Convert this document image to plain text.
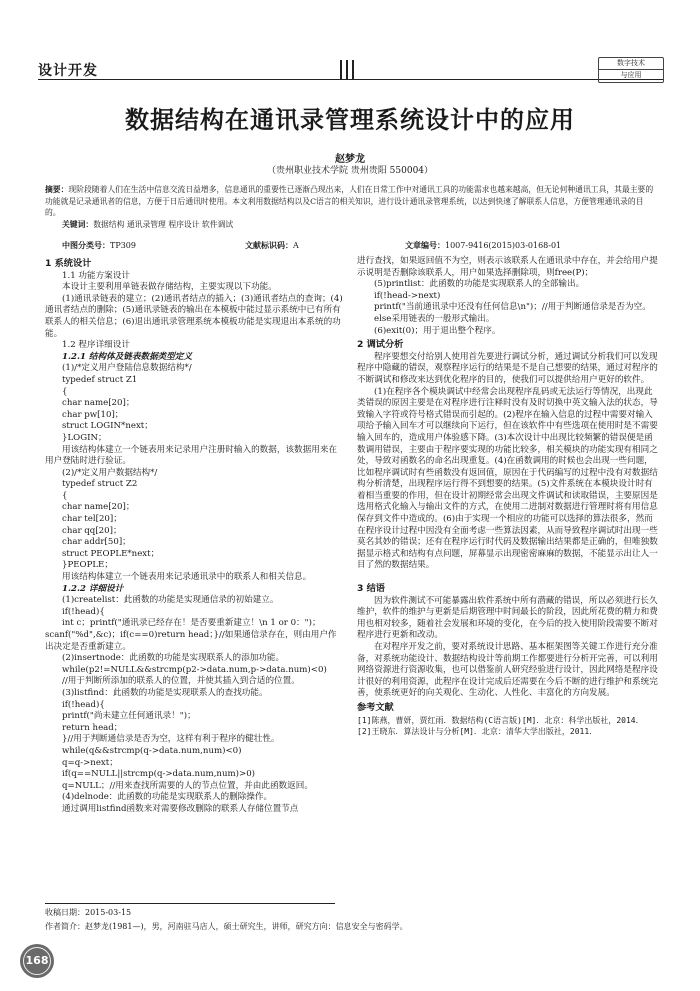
设计开发	数字技术
与应用
数据结构在通讯录管理系统设计中的应用
赵梦龙
（贵州职业技术学院 贵州贵阳 550004）
摘要：现阶段随着人们在生活中信息交流日益增多，信息通讯的重要性已逐渐凸现出来，人们在日常工作中对通讯工具的功能需求也越来越高，但无论何种通讯工具，其最主要的功能就是记录通讯者的信息，方便于日后通讯时使用。本文利用数据结构以及C语言的相关知识，进行设计通讯录管理系统，以达到快速了解联系人信息，方便管理通讯录的目的。
关键词：数据结构 通讯录管理 程序设计 软件调试
中图分类号：TP309	文献标识码：A	文章编号：1007-9416(2015)03-0168-01

1 系统设计

1.1 功能方案设计

本设计主要利用单链表做存储结构，主要实现以下功能。

(1)通讯录链表的建立；(2)通讯者结点的插入；(3)通讯者结点的查询；(4)通讯者结点的删除；(5)通讯录链表的输出在本模板中能过显示系统中已有所有联系人的相关信息；(6)退出通讯录管理系统本模板功能是实现退出本系统的功能。

1.2 程序详细设计

1.2.1 结构体及链表数据类型定义

(1)/*定义用户登陆信息数据结构*/

typedef struct Z1

{

char name[20]；

char pw[10]；

struct LOGIN*next；

}LOGIN；

用该结构体建立一个链表用来记录用户注册时输入的数据，该数据用来在用户登陆时进行验证。

(2)/*定义用户数据结构*/

typedef struct Z2

{

char name[20]；

char tel[20]；

char qq[20]；

char addr[50]；

struct PEOPLE*next；

}PEOPLE；

用该结构体建立一个链表用来记录通讯录中的联系人和相关信息。

1.2.2 详细设计

(1)createlist：此函数的功能是实现通信录的初始建立。

if(!head){

int c；printf("通讯录已经存在！是否要重新建立！\n 1 or 0：")；scanf("%d",&c)；if(c==0)return head；}//如果通信录存在，则由用户作出决定是否重新建立。

(2)insertnode：此函数的功能是实现联系人的添加功能。

while(p2!=NULL&&strcmp(p2->data.num,p->data.num)<0)

//用于判断所添加的联系人的位置，并使其插入到合适的位置。

(3)listfind：此函数的功能是实现联系人的查找功能。

if(!head){

printf("尚未建立任何通讯录！")；

return head；

}//用于判断通信录是否为空，这样有利于程序的健壮性。

while(q&&strcmp(q->data.num,num)<0)

q=q->next；

if(q==NULL||strcmp(q->data.num,num)>0)

q=NULL；//用来查找所需要的人的节点位置，并由此函数返回。

(4)delnode：此函数的功能是实现联系人的删除操作。

通过调用listfind函数来对需要修改删除的联系人存储位置节点

进行查找，如果返回值不为空，则表示该联系人在通讯录中存在，并会给用户提示说明是否删除该联系人，用户如果选择删除项，则free(P)；

(5)printlist：此函数的功能是实现联系人的全部输出。

if(!head->next)

printf("当前通讯录中还没有任何信息\n")；//用于判断通信录是否为空。

else采用链表的一般形式输出。

(6)exit(0)；用于退出整个程序。

2 调试分析

程序要想交付给别人使用首先要进行调试分析，通过调试分析我们可以发现程序中隐藏的错误，观察程序运行的结果是不是自己想要的结果，通过对程序的不断调试和修改来达到优化程序的目的，使我们可以提供给用户更好的软件。

(1)在程序各个模块调试中经常会出现程序乱码或无法运行等情况，出现此类错误的原因主要是在对程序进行注释时没有及时切换中英文输入法的状态，导致输入字符或符号格式错误而引起的。(2)程序在输入信息的过程中需要对输入项给予输入回车才可以继续向下运行，但在该软件中有些选项在使用时是不需要输入回车的，造成用户体验感下降。(3)本次设计中出现比较频繁的错误便是函数调用错误，主要由于程序要实现的功能比较多，相关模块的功能实现有相同之处，导致对函数名的命名出现重复。(4)在函数调用的时候也会出现一些问题，比如程序调试时有些函数没有返回值，原因在于代码编写的过程中没有对数据结构分析清楚，出现程序运行得不到想要的结果。(5)文件系统在本模块设计时有着相当重要的作用，但在设计初期经常会出现文件调试和读取错误，主要原因是选用格式化输入与输出文件的方式，在使用二进制对数据进行管理时将有用信息保存到文件中造成的。(6)由于实现一个相应的功能可以选择的算法很多，然而在程序设计过程中因没有全面考虑一些算法因素，从而导致程序调试时出现一些莫名其妙的错误；还有在程序运行时代码及数据输出结果都是正确的，但唯独数据显示格式和结构有点问题，屏幕显示出现密密麻麻的数据，不能显示出让人一目了然的数据结果。

3 结语

因为软件测试不可能暴露出软件系统中所有潜藏的错误，所以必须进行长久维护，软件的维护与更新是后期管理中时间最长的阶段，因此所花费的精力和费用也相对较多，随着社会发展和环境的变化，在今后的投入使用阶段需要不断对程序进行更新和改动。

在对程序开发之前，要对系统设计思路、基本框架图等关键工作进行充分准备，对系统功能设计、数据结构设计等前期工作都要进行分析开完善，可以利用网络资源进行资源收集，也可以借鉴前人研究经验进行设计，因此网络是程序设计很好的利用资源，此程序在设计完成后还需要在今后不断的进行维护和系统完善，使系统更好的向关观化、生动化、人性化、丰富化的方向发展。

参考文献

[1]陈燕，曹妍，贾红雨．数据结构(C语言版)[M]．北京：科学出版社，2014．

[2]王晓东．算法设计与分析[M]．北京：清华大学出版社，2011．

收稿日期：2015-03-15
作者简介：赵梦龙(1981—)，男，河南驻马店人，硕士研究生，讲师，研究方向：信息安全与密码学。
168
